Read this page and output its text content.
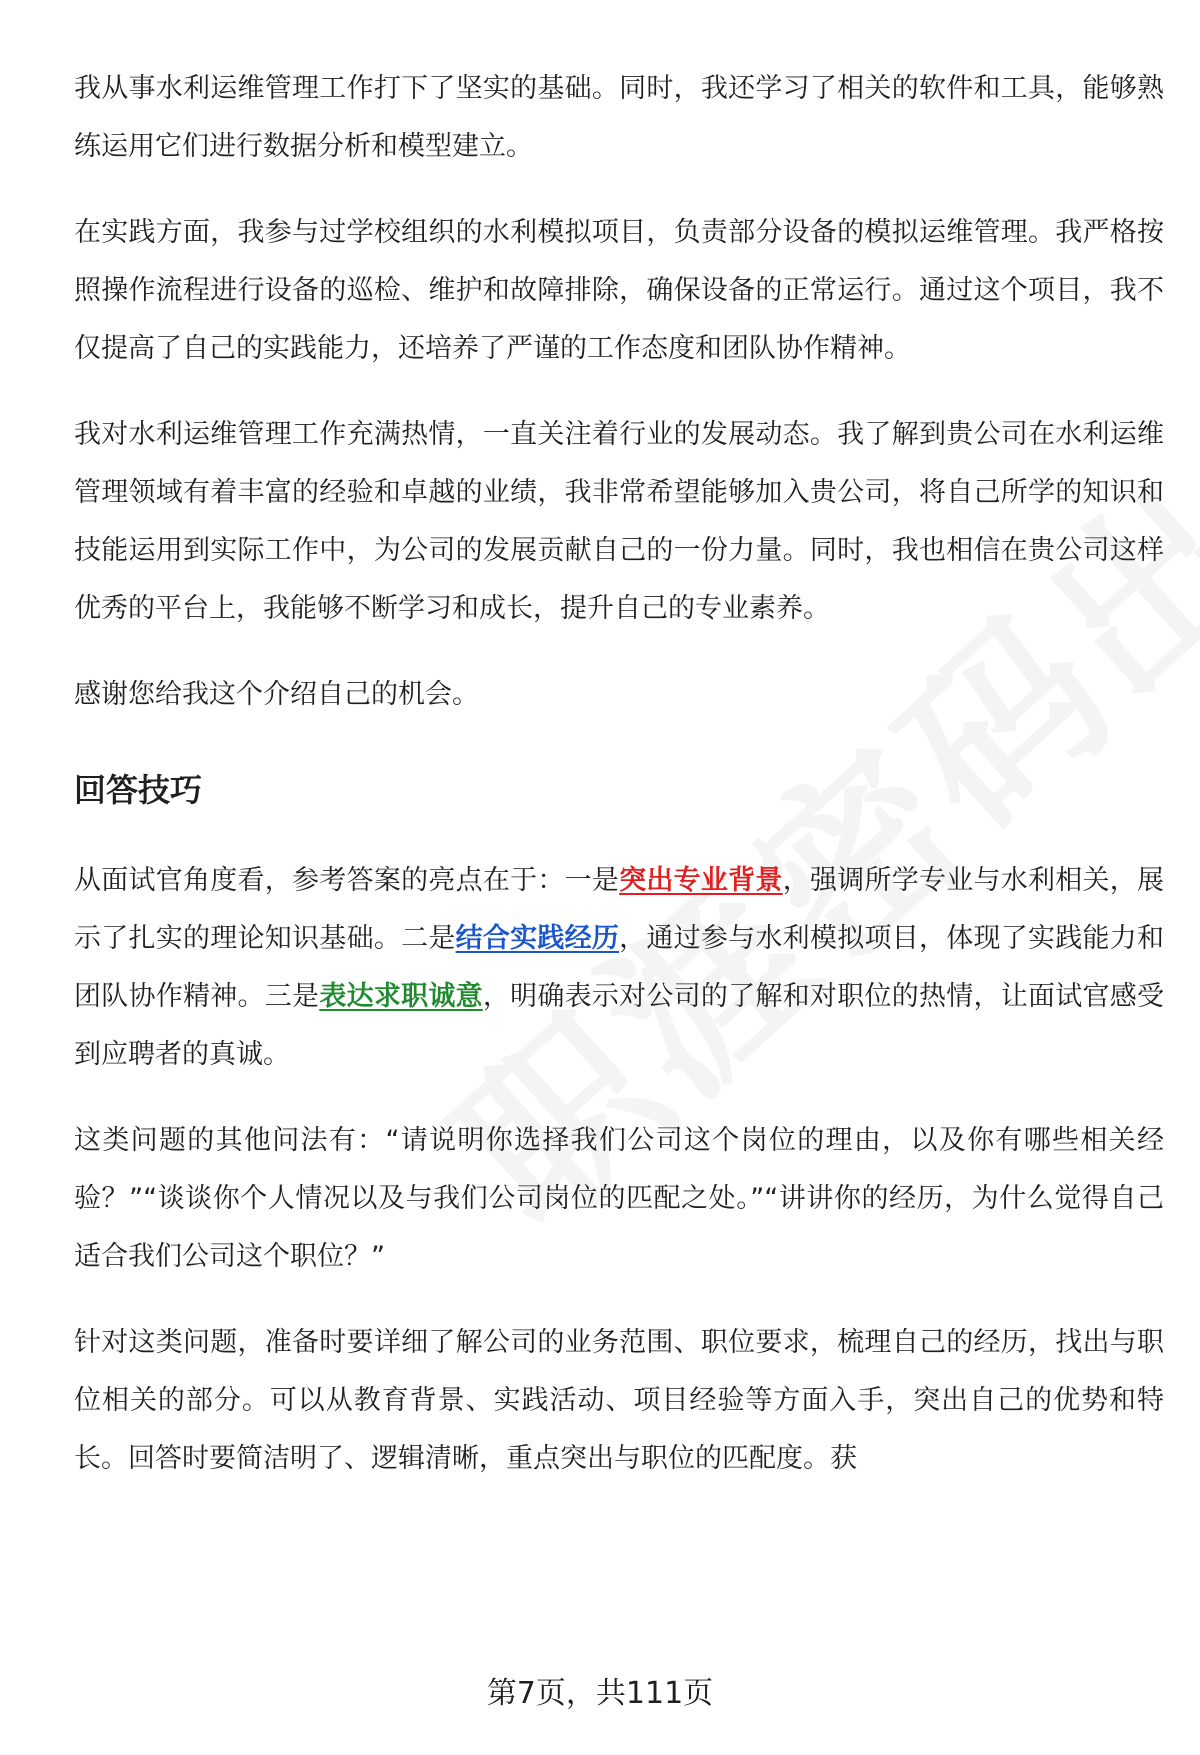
我从事水利运维管理工作打下了坚实的基础。同时，我还学习了相关的软件和工具，能够熟练运用它们进行数据分析和模型建立。

在实践方面，我参与过学校组织的水利模拟项目，负责部分设备的模拟运维管理。我严格按照操作流程进行设备的巡检、维护和故障排除，确保设备的正常运行。通过这个项目，我不仅提高了自己的实践能力，还培养了严谨的工作态度和团队协作精神。

我对水利运维管理工作充满热情，一直关注着行业的发展动态。我了解到贵公司在水利运维管理领域有着丰富的经验和卓越的业绩，我非常希望能够加入贵公司，将自己所学的知识和技能运用到实际工作中，为公司的发展贡献自己的一份力量。同时，我也相信在贵公司这样优秀的平台上，我能够不断学习和成长，提升自己的专业素养。

感谢您给我这个介绍自己的机会。

回答技巧

从面试官角度看，参考答案的亮点在于：一是突出专业背景，强调所学专业与水利相关，展示了扎实的理论知识基础。二是结合实践经历，通过参与水利模拟项目，体现了实践能力和团队协作精神。三是表达求职诚意，明确表示对公司的了解和对职位的热情，让面试官感受到应聘者的真诚。

这类问题的其他问法有：“请说明你选择我们公司这个岗位的理由，以及你有哪些相关经验？”“谈谈你个人情况以及与我们公司岗位的匹配之处。”“讲讲你的经历，为什么觉得自己适合我们公司这个职位？”

针对这类问题，准备时要详细了解公司的业务范围、职位要求，梳理自己的经历，找出与职位相关的部分。可以从教育背景、实践活动、项目经验等方面入手，突出自己的优势和特长。回答时要简洁明了、逻辑清晰，重点突出与职位的匹配度。获

第7页，共111页
